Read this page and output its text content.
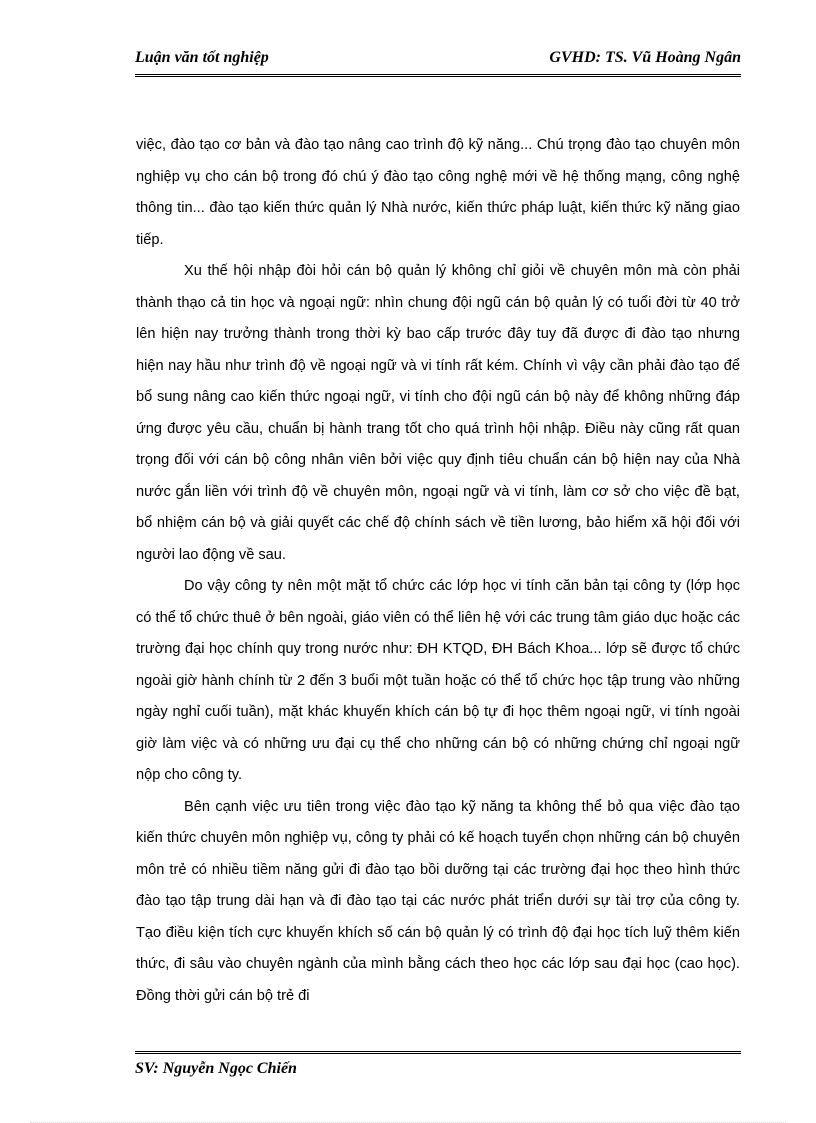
Luận văn tốt nghiệp	GVHD: TS. Vũ Hoàng Ngân

việc, đào tạo cơ bản và đào tạo nâng cao trình độ kỹ năng... Chú trọng đào tạo chuyên môn nghiệp vụ cho cán bộ trong đó chú ý đào tạo công nghệ mới về hệ thống mạng, công nghệ thông tin... đào tạo kiến thức quản lý Nhà nước, kiến thức pháp luật, kiến thức kỹ năng giao tiếp.

Xu thế hội nhập đòi hỏi cán bộ quản lý không chỉ giỏi về chuyên môn mà còn phải thành thạo cả tin học và ngoại ngữ: nhìn chung đội ngũ cán bộ quản lý có tuổi đời từ 40 trở lên hiện nay trưởng thành trong thời kỳ bao cấp trước đây tuy đã được đi đào tạo nhưng hiện nay hầu như trình độ về ngoại ngữ và vi tính rất kém. Chính vì vậy cần phải đào tạo để bổ sung nâng cao kiến thức ngoại ngữ, vi tính cho đội ngũ cán bộ này để không những đáp ứng được yêu cầu, chuẩn bị hành trang tốt cho quá trình hội nhập. Điều này cũng rất quan trọng đối với cán bộ công nhân viên bởi việc quy định tiêu chuẩn cán bộ hiện nay của Nhà nước gắn liền với trình độ về chuyên môn, ngoại ngữ và vi tính, làm cơ sở cho việc đề bạt, bổ nhiệm cán bộ và giải quyết các chế độ chính sách về tiền lương, bảo hiểm xã hội đối với người lao động về sau.

Do vậy công ty nên một mặt tổ chức các lớp học vi tính căn bản tại công ty (lớp học có thể tổ chức thuê ở bên ngoài, giáo viên có thể liên hệ với các trung tâm giáo dục hoặc các trường đại học chính quy trong nước như: ĐH KTQD, ĐH Bách Khoa... lớp sẽ được tổ chức ngoài giờ hành chính từ 2 đến 3 buổi một tuần hoặc có thể tổ chức học tập trung vào những ngày nghỉ cuối tuần), mặt khác khuyến khích cán bộ tự đi học thêm ngoại ngữ, vi tính ngoài giờ làm việc và có những ưu đại cụ thể cho những cán bộ có những chứng chỉ ngoại ngữ nộp cho công ty.

Bên cạnh việc ưu tiên trong việc đào tạo kỹ năng ta không thể bỏ qua việc đào tạo kiến thức chuyên môn nghiệp vụ, công ty phải có kế hoạch tuyển chọn những cán bộ chuyên môn trẻ có nhiều tiềm năng gửi đi đào tạo bồi dưỡng tại các trường đại học theo hình thức đào tạo tập trung dài hạn và đi đào tạo tại các nước phát triển dưới sự tài trợ của công ty. Tạo điều kiện tích cực khuyến khích số cán bộ quản lý có trình độ đại học tích luỹ thêm kiến thức, đi sâu vào chuyên ngành của mình bằng cách theo học các lớp sau đại học (cao học). Đồng thời gửi cán bộ trẻ đi

SV: Nguyễn Ngọc Chiến
